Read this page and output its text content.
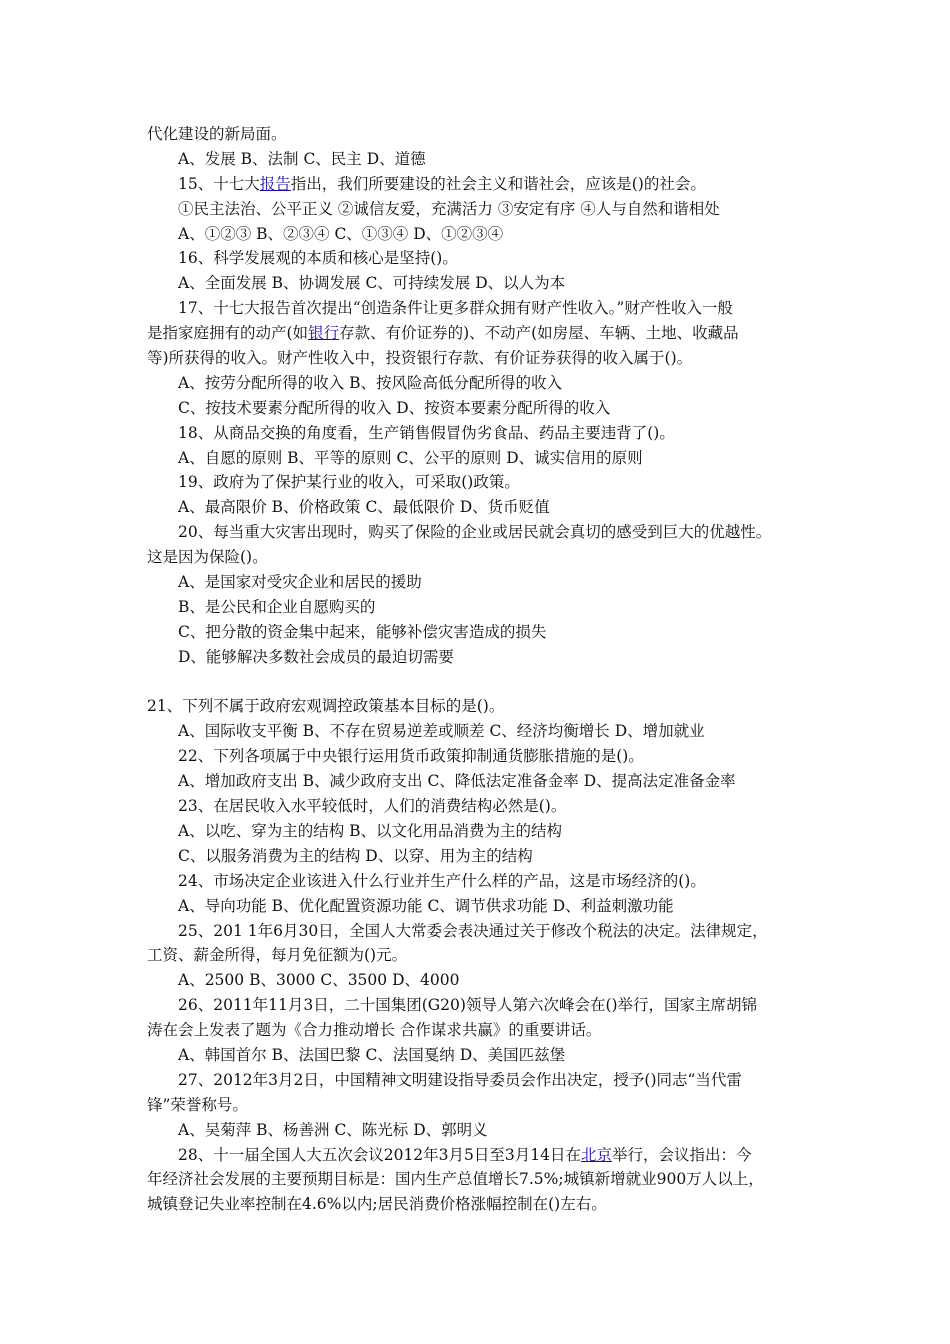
代化建设的新局面。
A、发展 B、法制 C、民主 D、道德
15、十七大报告指出，我们所要建设的社会主义和谐社会，应该是()的社会。
①民主法治、公平正义 ②诚信友爱，充满活力 ③安定有序 ④人与自然和谐相处
A、①②③ B、②③④ C、①③④ D、①②③④
16、科学发展观的本质和核心是坚持()。
A、全面发展 B、协调发展 C、可持续发展 D、以人为本
17、十七大报告首次提出“创造条件让更多群众拥有财产性收入。”财产性收入一般
是指家庭拥有的动产(如银行存款、有价证券的)、不动产(如房屋、车辆、土地、收藏品
等)所获得的收入。财产性收入中，投资银行存款、有价证券获得的收入属于()。
A、按劳分配所得的收入 B、按风险高低分配所得的收入
C、按技术要素分配所得的收入 D、按资本要素分配所得的收入
18、从商品交换的角度看，生产销售假冒伪劣食品、药品主要违背了()。
A、自愿的原则 B、平等的原则 C、公平的原则 D、诚实信用的原则
19、政府为了保护某行业的收入，可采取()政策。
A、最高限价 B、价格政策 C、最低限价 D、货币贬值
20、每当重大灾害出现时，购买了保险的企业或居民就会真切的感受到巨大的优越性。
这是因为保险()。
A、是国家对受灾企业和居民的援助
B、是公民和企业自愿购买的
C、把分散的资金集中起来，能够补偿灾害造成的损失
D、能够解决多数社会成员的最迫切需要
21、下列不属于政府宏观调控政策基本目标的是()。
A、国际收支平衡 B、不存在贸易逆差或顺差 C、经济均衡增长 D、增加就业
22、下列各项属于中央银行运用货币政策抑制通货膨胀措施的是()。
A、增加政府支出 B、减少政府支出 C、降低法定准备金率 D、提高法定准备金率
23、在居民收入水平较低时，人们的消费结构必然是()。
A、以吃、穿为主的结构 B、以文化用品消费为主的结构
C、以服务消费为主的结构 D、以穿、用为主的结构
24、市场决定企业该进入什么行业并生产什么样的产品，这是市场经济的()。
A、导向功能 B、优化配置资源功能 C、调节供求功能 D、利益刺激功能
25、201 1年6月30日，全国人大常委会表决通过关于修改个税法的决定。法律规定，
工资、薪金所得，每月免征额为()元。
A、2500 B、3000 C、3500 D、4000
26、2011年11月3日，二十国集团(G20)领导人第六次峰会在()举行，国家主席胡锦
涛在会上发表了题为《合力推动增长 合作谋求共赢》的重要讲话。
A、韩国首尔 B、法国巴黎 C、法国戛纳 D、美国匹兹堡
27、2012年3月2日，中国精神文明建设指导委员会作出决定，授予()同志“当代雷
锋”荣誉称号。
A、吴菊萍 B、杨善洲 C、陈光标 D、郭明义
28、十一届全国人大五次会议2012年3月5日至3月14日在北京举行，会议指出：今
年经济社会发展的主要预期目标是：国内生产总值增长7.5%;城镇新增就业900万人以上，
城镇登记失业率控制在4.6%以内;居民消费价格涨幅控制在()左右。
